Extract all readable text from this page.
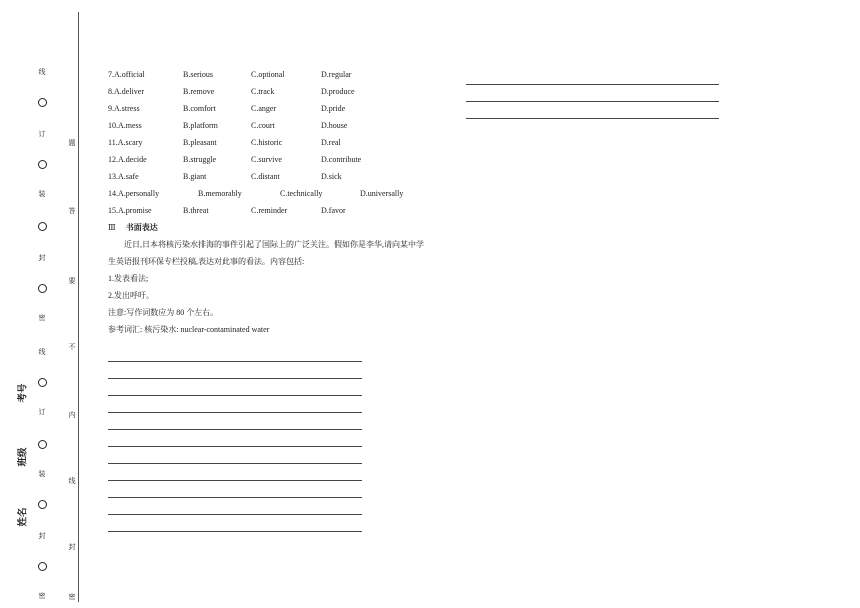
线
订
装
封
密
线
订
装
封
密
题
答
要
不
内
线
封
密
考号
班级
姓名
7.A.official	B.serious	C.optional	D.regular
8.A.deliver	B.remove	C.track	D.produce
9.A.stress	B.comfort	C.anger	D.pride
10.A.mess	B.platform	C.court	D.house
11.A.scary	B.pleasant	C.historic	D.real
12.A.decide	B.struggle	C.survive	D.contribute
13.A.safe	B.giant	C.distant	D.sick
14.A.personally	B.memorably	C.technically	D.universally
15.A.promise	B.threat	C.reminder	D.favor
Ⅲ 书面表达

近日,日本将核污染水排海的事件引起了国际上的广泛关注。假如你是李华,请向某中学

生英语报刊环保专栏投稿,表达对此事的看法。内容包括:

1.发表看法;

2.发出呼吁。

注意:写作词数应为 80 个左右。

参考词汇: 核污染水: nuclear-contaminated water
